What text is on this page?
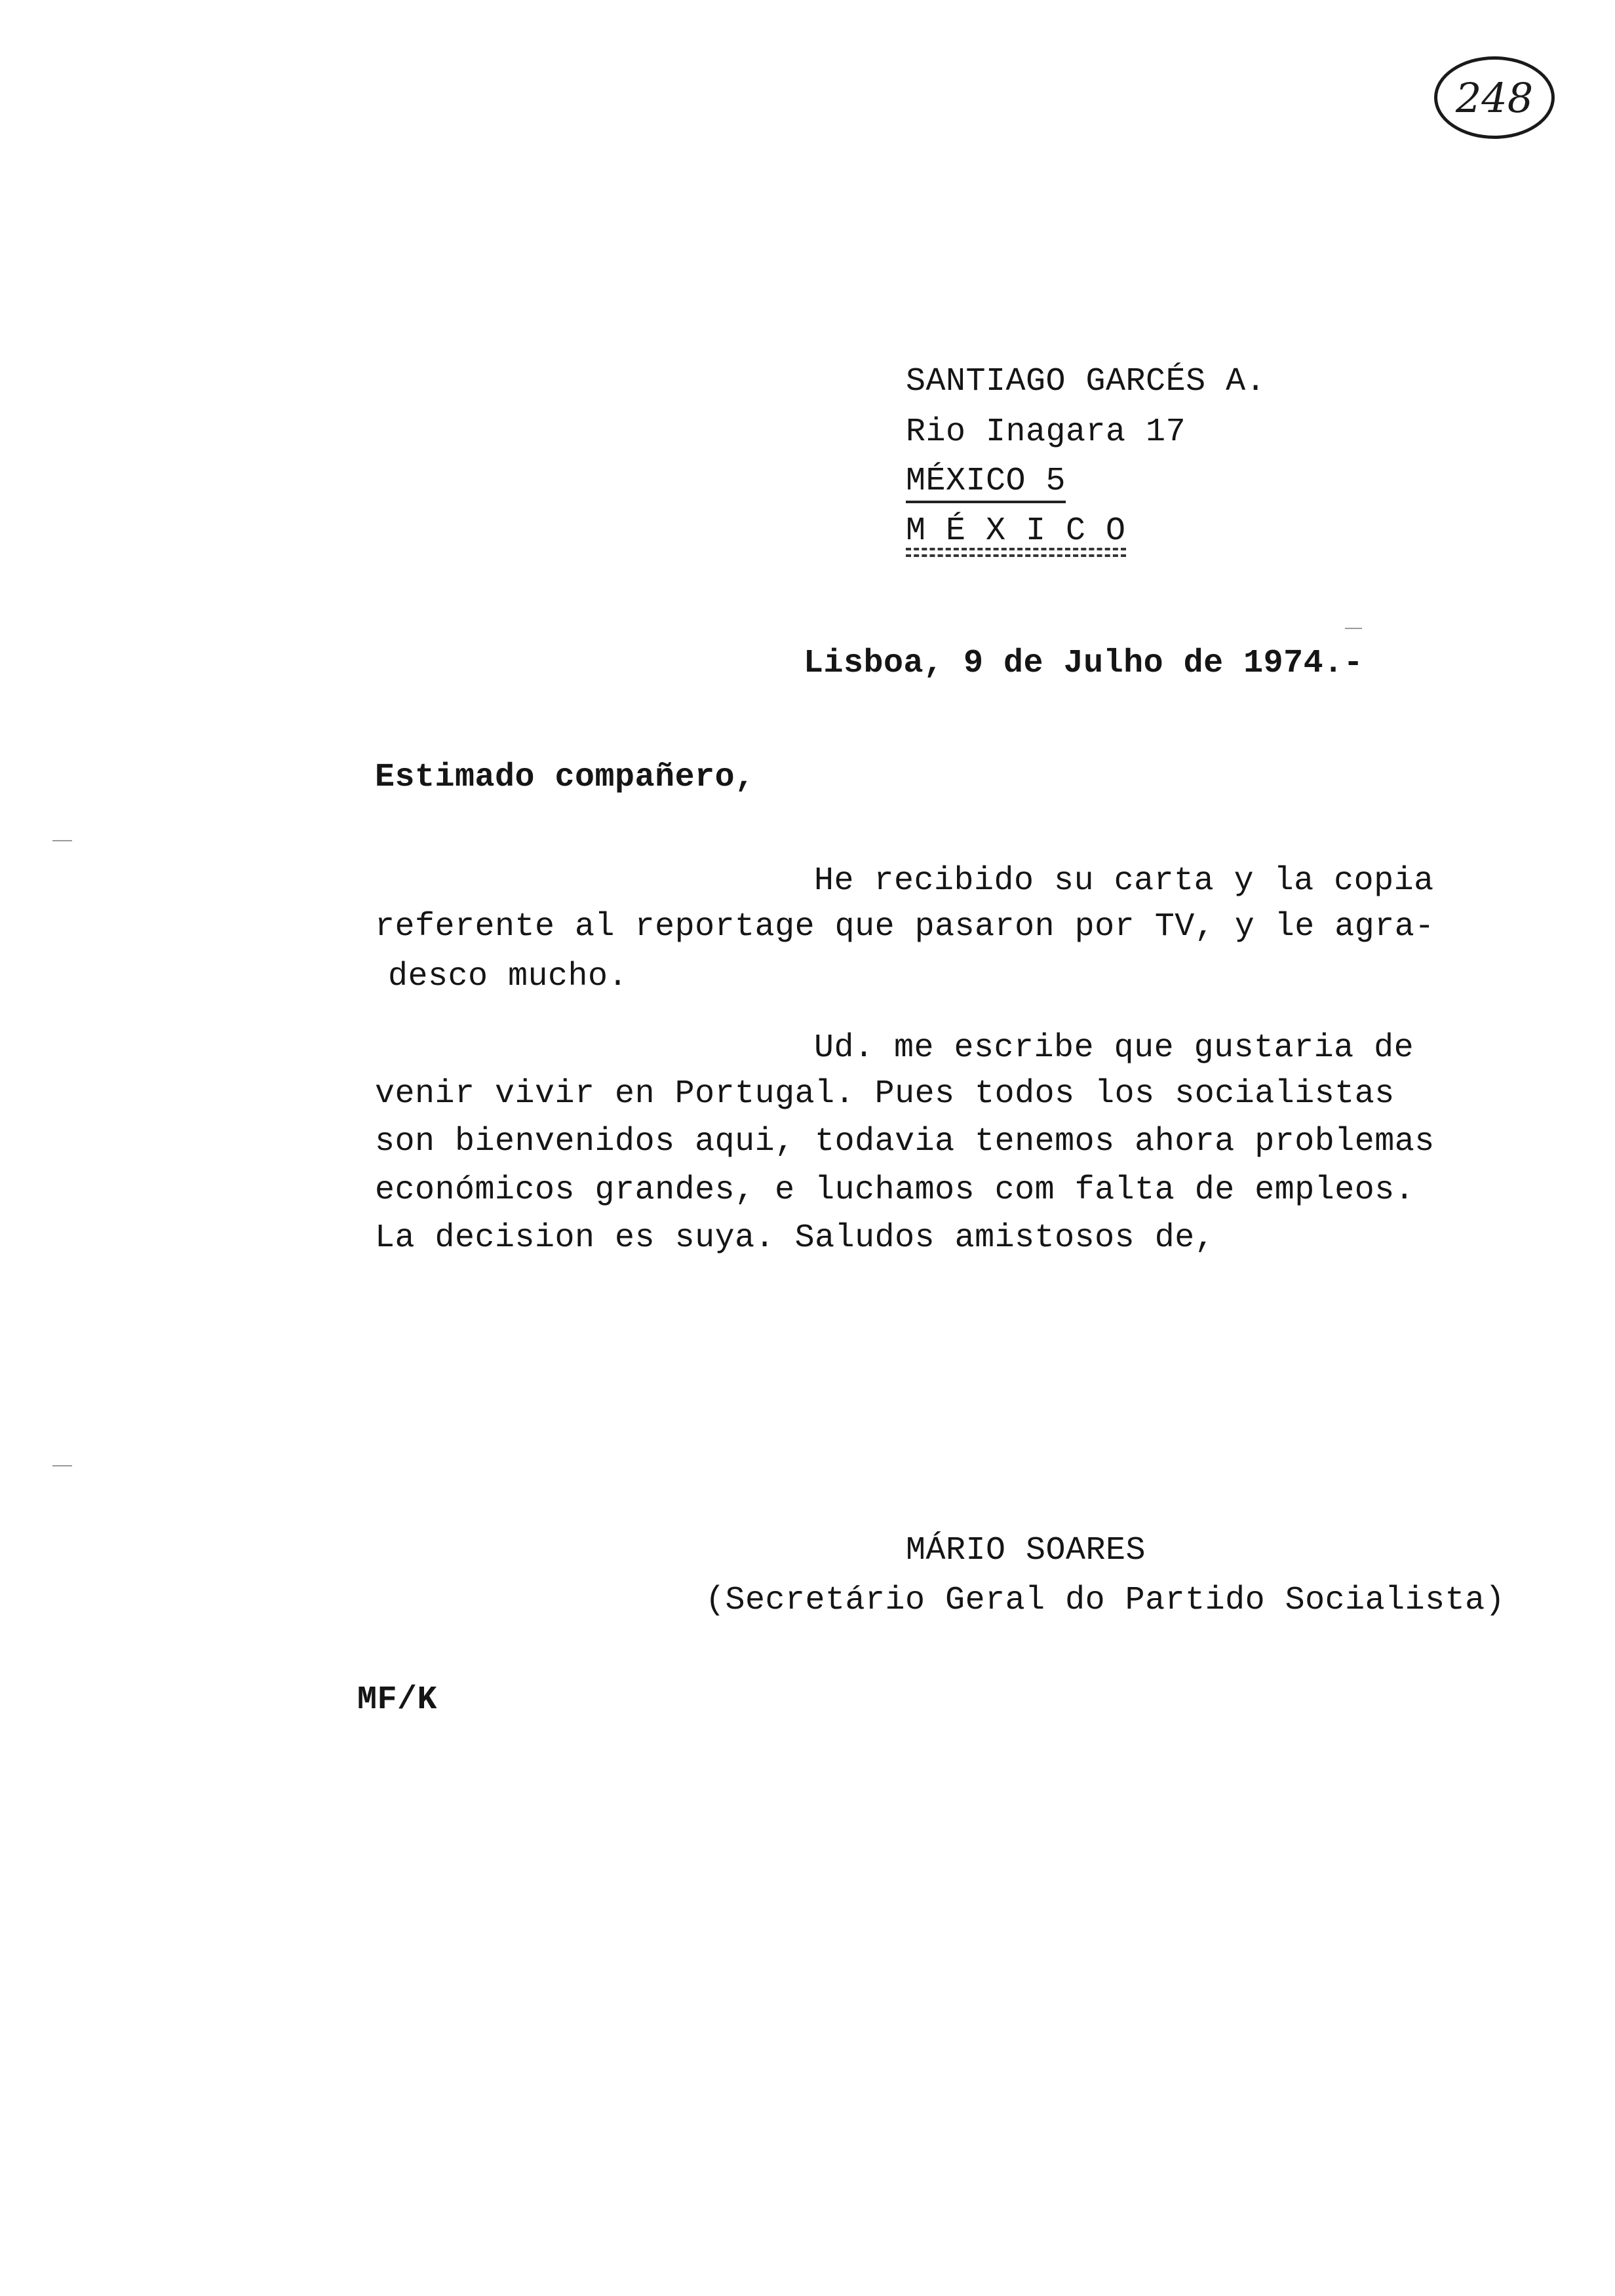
248
SANTIAGO GARCÉS A.
Rio Inagara 17
MÉXICO 5
M É X I C O
Lisboa, 9 de Julho de 1974.-
Estimado compañero,
He recibido su carta y la copia
referente al reportage que pasaron por TV, y le agra-
desco mucho.
Ud. me escribe que gustaria de
venir vivir en Portugal. Pues todos los socialistas
son bienvenidos aqui, todavia tenemos ahora problemas
económicos grandes, e luchamos com falta de empleos.
La decision es suya. Saludos amistosos de,
MÁRIO SOARES
(Secretário Geral do Partido Socialista)
MF/K
